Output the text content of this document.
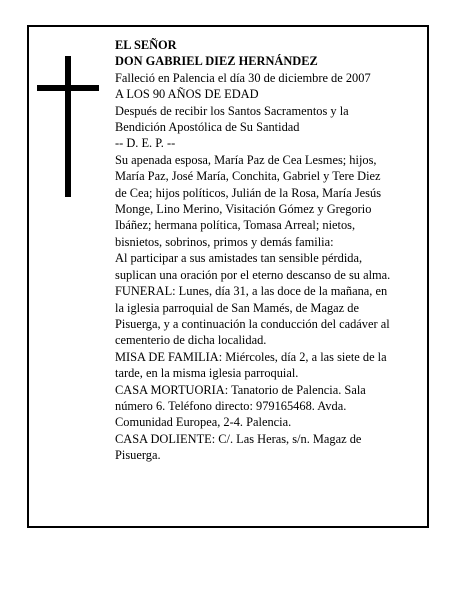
EL SEÑOR
DON GABRIEL DIEZ HERNÁNDEZ
Falleció en Palencia el día 30 de diciembre de 2007
A LOS 90 AÑOS DE EDAD
Después de recibir los Santos Sacramentos y la
Bendición Apostólica de Su Santidad
-- D. E. P. --
Su apenada esposa, María Paz de Cea Lesmes; hijos,
María Paz, José María, Conchita, Gabriel y Tere Diez
de Cea; hijos políticos, Julián de la Rosa, María Jesús
Monge, Lino Merino, Visitación Gómez y Gregorio
Ibáñez; hermana política, Tomasa Arreal; nietos,
bisnietos, sobrinos, primos y demás familia:
Al participar a sus amistades tan sensible pérdida,
suplican una oración por el eterno descanso de su alma.
FUNERAL: Lunes, día 31, a las doce de la mañana, en
la iglesia parroquial de San Mamés, de Magaz de
Pisuerga, y a continuación la conducción del cadáver al
cementerio de dicha localidad.
MISA DE FAMILIA: Miércoles, día 2, a las siete de la
tarde, en la misma iglesia parroquial.
CASA MORTUORIA: Tanatorio de Palencia. Sala
número 6. Teléfono directo: 979165468. Avda.
Comunidad Europea, 2-4. Palencia.
CASA DOLIENTE: C/. Las Heras, s/n. Magaz de
Pisuerga.
